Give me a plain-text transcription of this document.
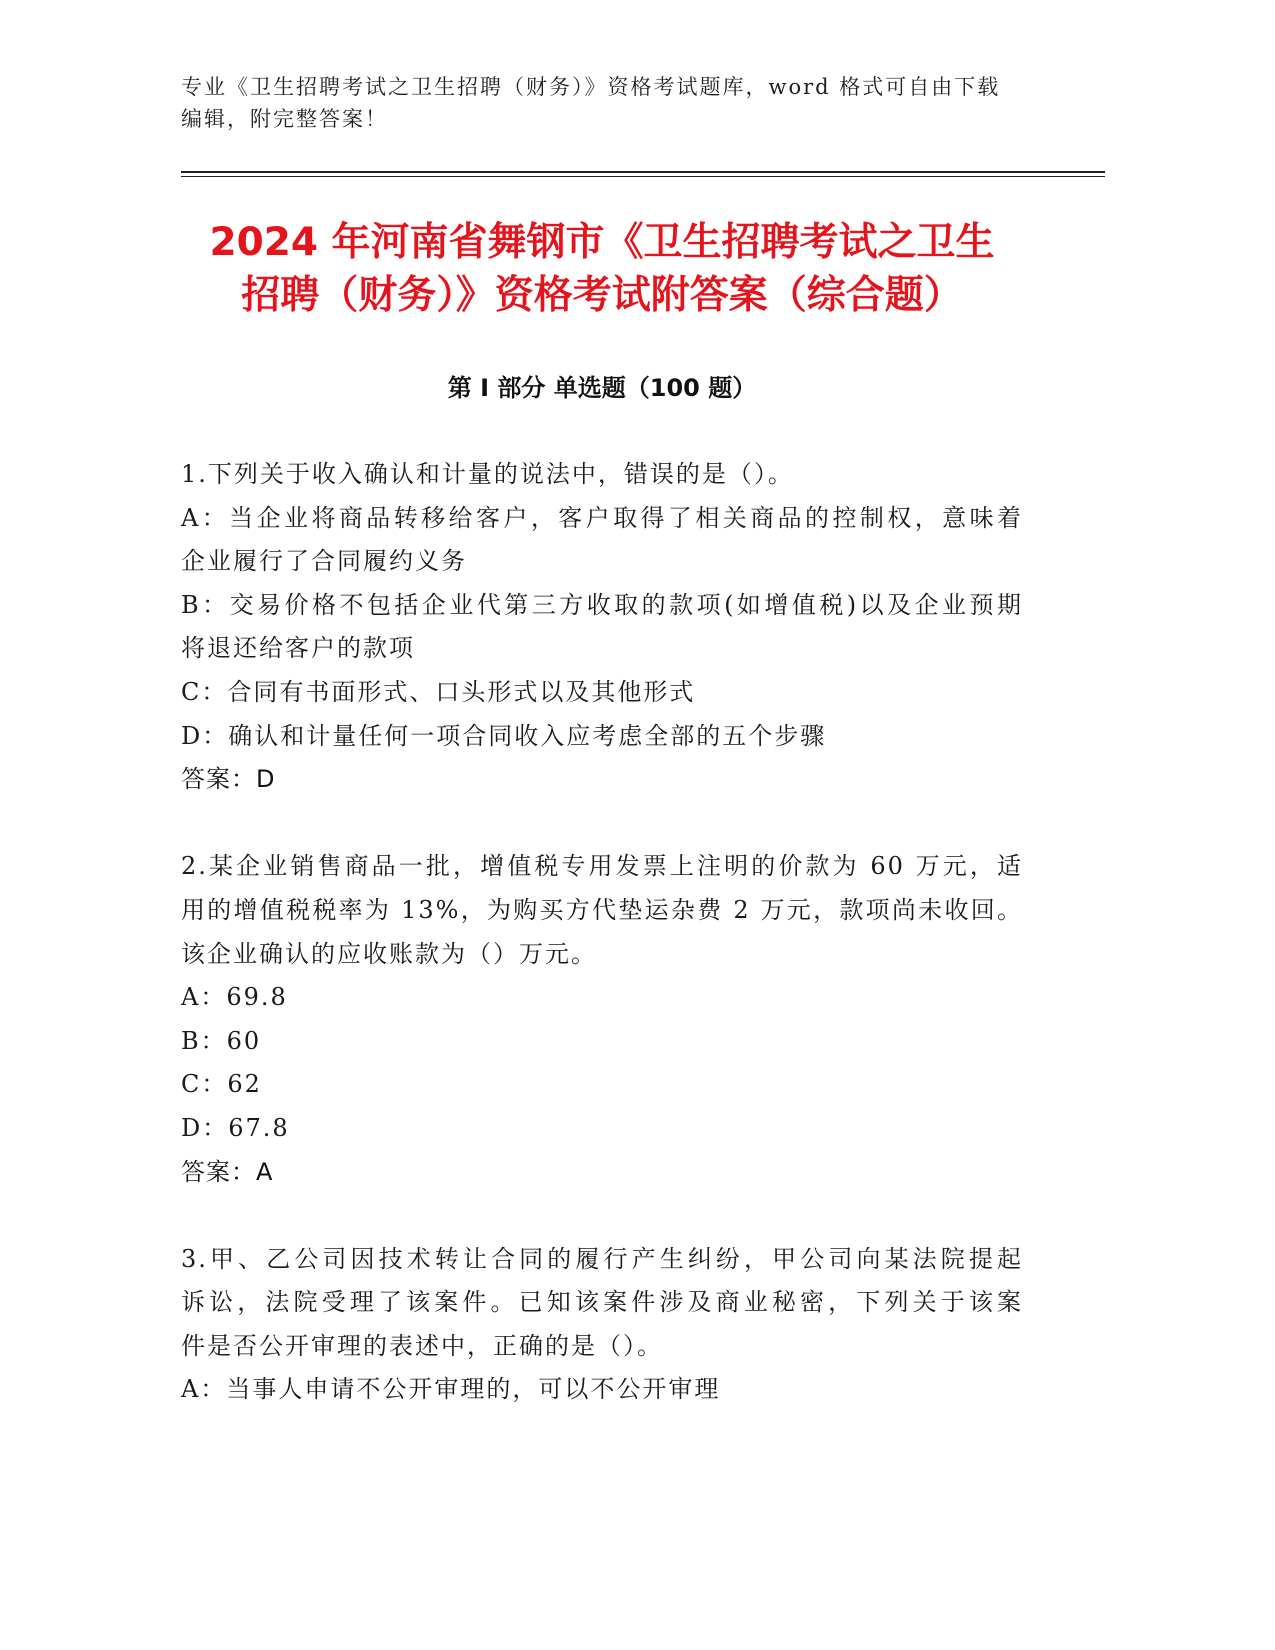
专业《卫生招聘考试之卫生招聘（财务）》资格考试题库，word 格式可自由下载
编辑，附完整答案！
2024 年河南省舞钢市《卫生招聘考试之卫生
招聘（财务）》资格考试附答案（综合题）
第 I 部分 单选题（100 题）
1.下列关于收入确认和计量的说法中，错误的是（）。
A：当企业将商品转移给客户，客户取得了相关商品的控制权，意味着
企业履行了合同履约义务
B：交易价格不包括企业代第三方收取的款项(如增值税)以及企业预期
将退还给客户的款项
C：合同有书面形式、口头形式以及其他形式
D：确认和计量任何一项合同收入应考虑全部的五个步骤
答案：D
2.某企业销售商品一批，增值税专用发票上注明的价款为 60 万元，适
用的增值税税率为 13%，为购买方代垫运杂费 2 万元，款项尚未收回。
该企业确认的应收账款为（）万元。
A：69.8
B：60
C：62
D：67.8
答案：A
3.甲、乙公司因技术转让合同的履行产生纠纷，甲公司向某法院提起
诉讼，法院受理了该案件。已知该案件涉及商业秘密，下列关于该案
件是否公开审理的表述中，正确的是（）。
A：当事人申请不公开审理的，可以不公开审理
